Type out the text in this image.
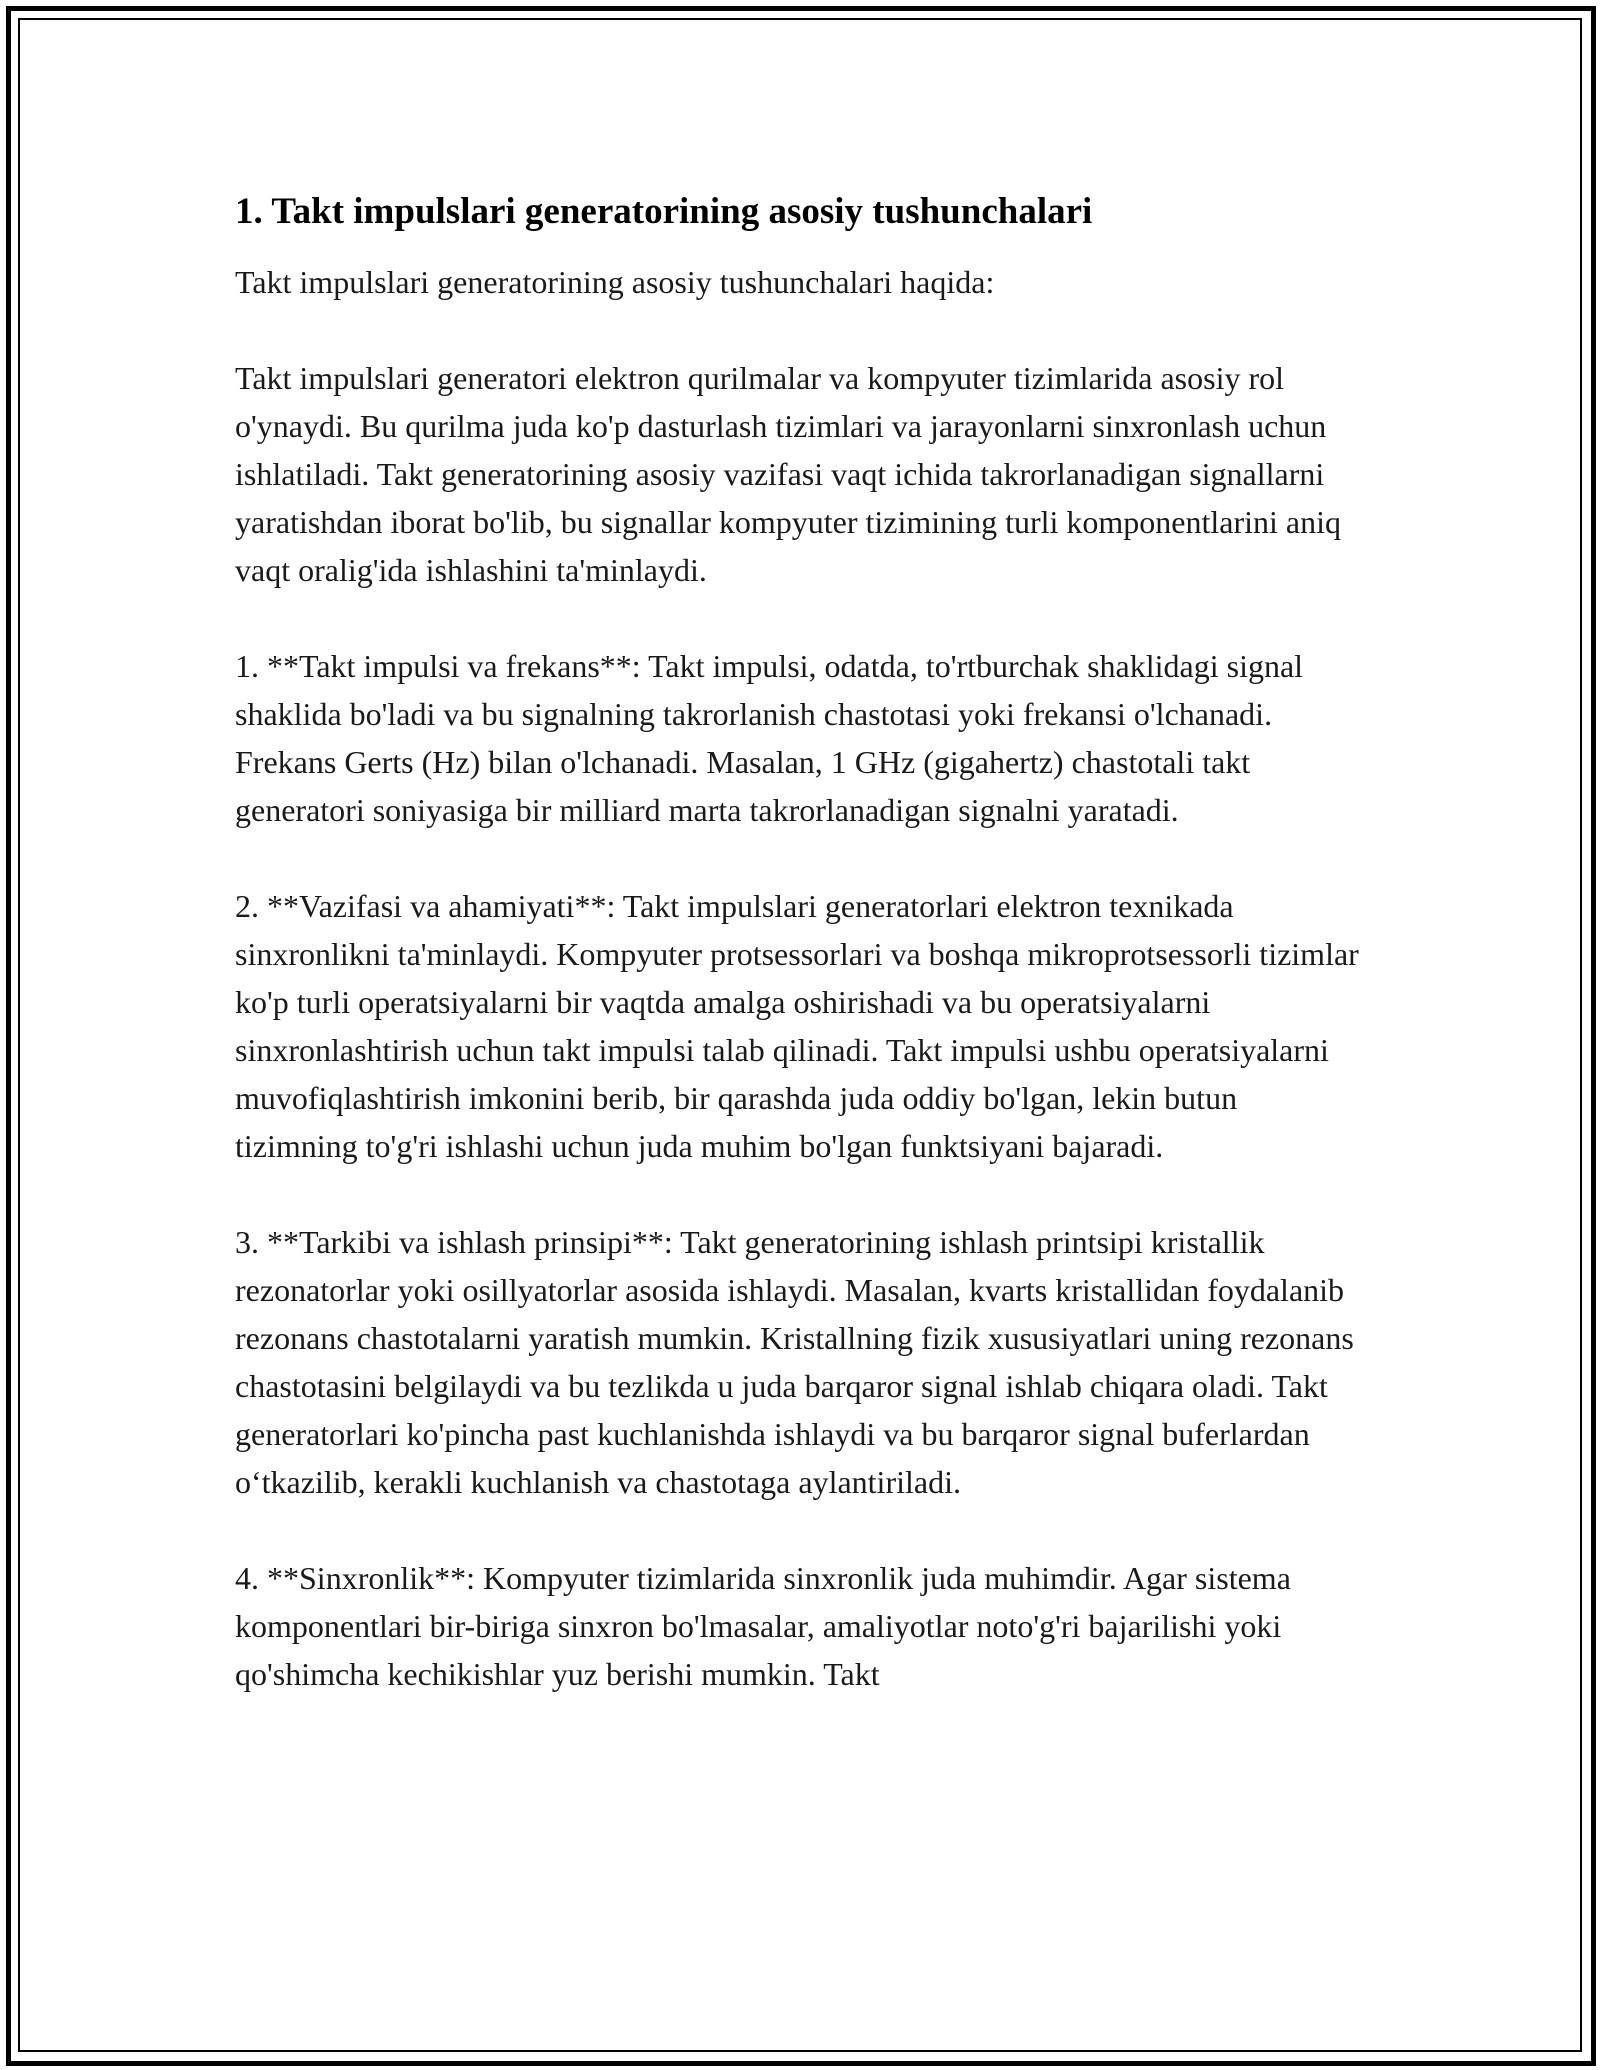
1. Takt impulslari generatorining asosiy tushunchalari

Takt impulslari generatorining asosiy tushunchalari haqida:

Takt impulslari generatori elektron qurilmalar va kompyuter tizimlarida asosiy rol o'ynaydi. Bu qurilma juda ko'p dasturlash tizimlari va jarayonlarni sinxronlash uchun ishlatiladi. Takt generatorining asosiy vazifasi vaqt ichida takrorlanadigan signallarni yaratishdan iborat bo'lib, bu signallar kompyuter tizimining turli komponentlarini aniq vaqt oralig'ida ishlashini ta'minlaydi.

1. **Takt impulsi va frekans**: Takt impulsi, odatda, to'rtburchak shaklidagi signal shaklida bo'ladi va bu signalning takrorlanish chastotasi yoki frekansi o'lchanadi. Frekans Gerts (Hz) bilan o'lchanadi. Masalan, 1 GHz (gigahertz) chastotali takt generatori soniyasiga bir milliard marta takrorlanadigan signalni yaratadi.

2. **Vazifasi va ahamiyati**: Takt impulslari generatorlari elektron texnikada sinxronlikni ta'minlaydi. Kompyuter protsessorlari va boshqa mikroprotsessorli tizimlar ko'p turli operatsiyalarni bir vaqtda amalga oshirishadi va bu operatsiyalarni sinxronlashtirish uchun takt impulsi talab qilinadi. Takt impulsi ushbu operatsiyalarni muvofiqlashtirish imkonini berib, bir qarashda juda oddiy bo'lgan, lekin butun tizimning to'g'ri ishlashi uchun juda muhim bo'lgan funktsiyani bajaradi.

3. **Tarkibi va ishlash prinsipi**: Takt generatorining ishlash printsipi kristallik rezonatorlar yoki osillyatorlar asosida ishlaydi. Masalan, kvarts kristallidan foydalanib rezonans chastotalarni yaratish mumkin. Kristallning fizik xususiyatlari uning rezonans chastotasini belgilaydi va bu tezlikda u juda barqaror signal ishlab chiqara oladi. Takt generatorlari ko'pincha past kuchlanishda ishlaydi va bu barqaror signal buferlardan o‘tkazilib, kerakli kuchlanish va chastotaga aylantiriladi.

4. **Sinxronlik**: Kompyuter tizimlarida sinxronlik juda muhimdir. Agar sistema komponentlari bir-biriga sinxron bo'lmasalar, amaliyotlar noto'g'ri bajarilishi yoki qo'shimcha kechikishlar yuz berishi mumkin. Takt
